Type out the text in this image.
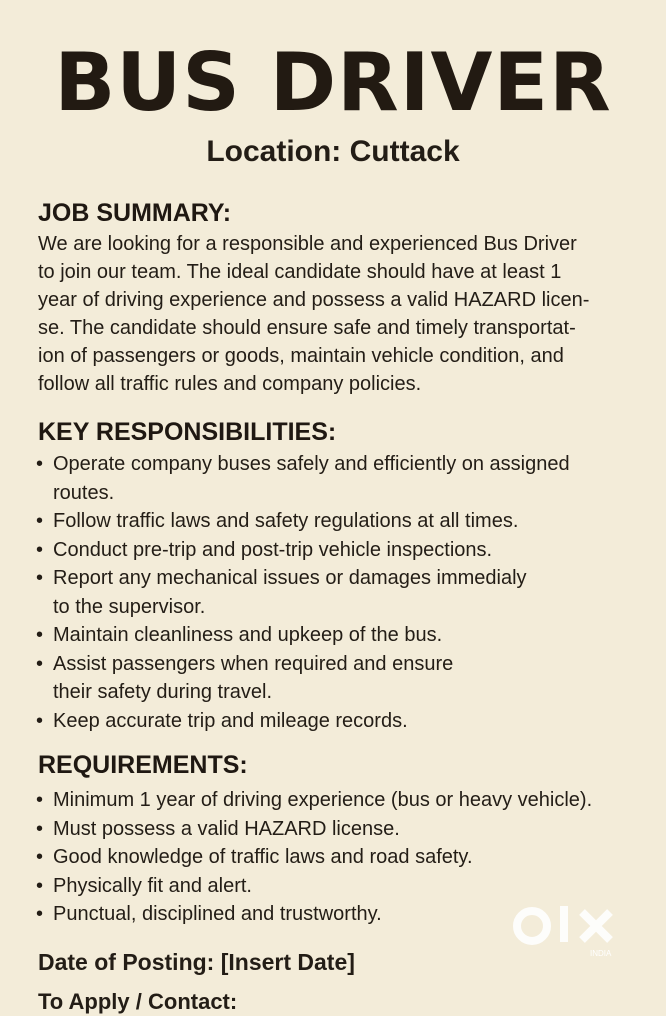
BUS DRIVER
Location: Cuttack
JOB SUMMARY:

We are looking for a responsible and experienced Bus Driver
to join our team. The ideal candidate should have at least 1
year of driving experience and possess a valid HAZARD licen-
se. The candidate should ensure safe and timely transportat-
ion of passengers or goods, maintain vehicle condition, and
follow all traffic rules and company policies.

KEY RESPONSIBILITIES:
• Operate company buses safely and efficiently on assigned
routes.
• Follow traffic laws and safety regulations at all times.
• Conduct pre-trip and post-trip vehicle inspections.
• Report any mechanical issues or damages immedialy
to the supervisor.
• Maintain cleanliness and upkeep of the bus.
• Assist passengers when required and ensure
their safety during travel.
• Keep accurate trip and mileage records.
REQUIREMENTS:
• Minimum 1 year of driving experience (bus or heavy vehicle).
• Must possess a valid HAZARD license.
• Good knowledge of traffic laws and road safety.
• Physically fit and alert.
• Punctual, disciplined and trustworthy.
Date of Posting: [Insert Date]
To Apply / Contact:
INDIA
